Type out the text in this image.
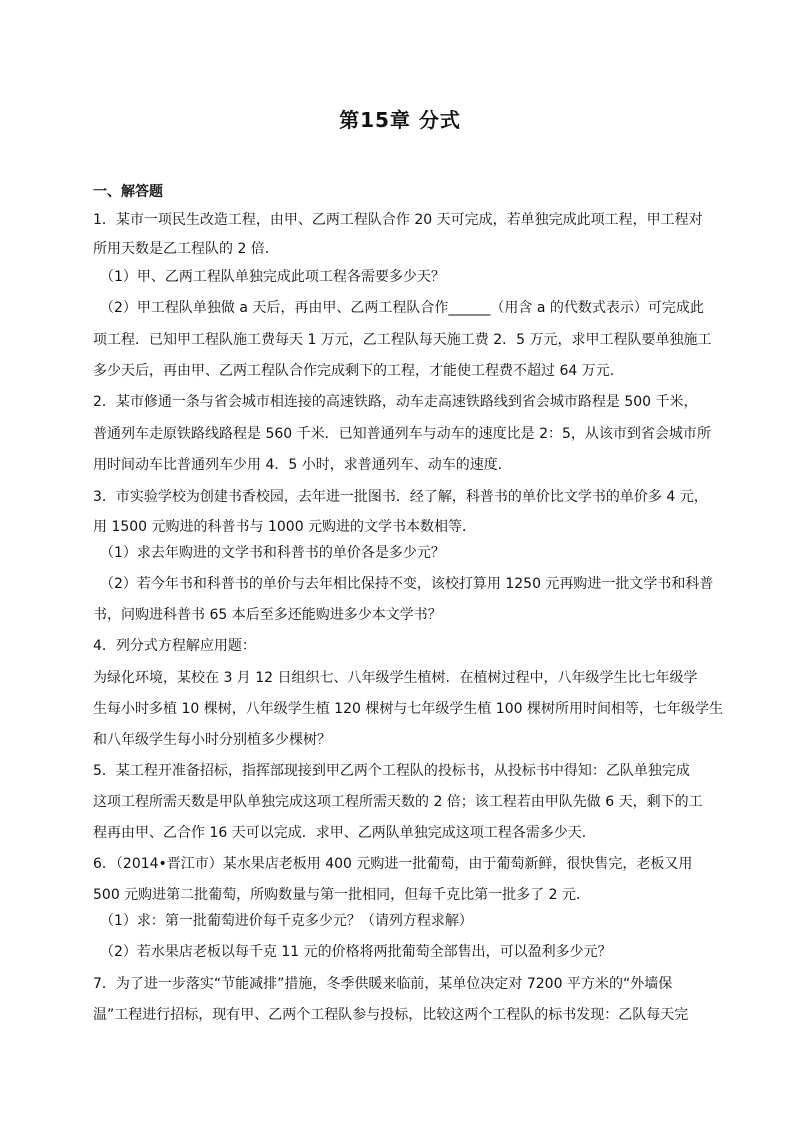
第15章 分式
一、解答题
1．某市一项民生改造工程，由甲、乙两工程队合作 20 天可完成，若单独完成此项工程，甲工程对
所用天数是乙工程队的 2 倍．
（1）甲、乙两工程队单独完成此项工程各需要多少天？
（2）甲工程队单独做 a 天后，再由甲、乙两工程队合作______（用含 a 的代数式表示）可完成此
项工程．已知甲工程队施工费每天 1 万元，乙工程队每天施工费 2．5 万元，求甲工程队要单独施工
多少天后，再由甲、乙两工程队合作完成剩下的工程，才能使工程费不超过 64 万元．
2．某市修通一条与省会城市相连接的高速铁路，动车走高速铁路线到省会城市路程是 500 千米，
普通列车走原铁路线路程是 560 千米．已知普通列车与动车的速度比是 2：5，从该市到省会城市所
用时间动车比普通列车少用 4．5 小时，求普通列车、动车的速度．
3．市实验学校为创建书香校园，去年进一批图书．经了解，科普书的单价比文学书的单价多 4 元，
用 1500 元购进的科普书与 1000 元购进的文学书本数相等．
（1）求去年购进的文学书和科普书的单价各是多少元？
（2）若今年书和科普书的单价与去年相比保持不变，该校打算用 1250 元再购进一批文学书和科普
书，问购进科普书 65 本后至多还能购进多少本文学书？
4．列分式方程解应用题：
为绿化环境，某校在 3 月 12 日组织七、八年级学生植树．在植树过程中，八年级学生比七年级学
生每小时多植 10 棵树，八年级学生植 120 棵树与七年级学生植 100 棵树所用时间相等，七年级学生
和八年级学生每小时分别植多少棵树？
5．某工程开准备招标，指挥部现接到甲乙两个工程队的投标书，从投标书中得知：乙队单独完成
这项工程所需天数是甲队单独完成这项工程所需天数的 2 倍；该工程若由甲队先做 6 天，剩下的工
程再由甲、乙合作 16 天可以完成．求甲、乙两队单独完成这项工程各需多少天．
6．（2014•晋江市）某水果店老板用 400 元购进一批葡萄，由于葡萄新鲜，很快售完，老板又用
500 元购进第二批葡萄，所购数量与第一批相同，但每千克比第一批多了 2 元．
（1）求：第一批葡萄进价每千克多少元？（请列方程求解）
（2）若水果店老板以每千克 11 元的价格将两批葡萄全部售出，可以盈利多少元？
7．为了进一步落实“节能减排”措施，冬季供暖来临前，某单位决定对 7200 平方米的“外墙保
温”工程进行招标，现有甲、乙两个工程队参与投标，比较这两个工程队的标书发现：乙队每天完
